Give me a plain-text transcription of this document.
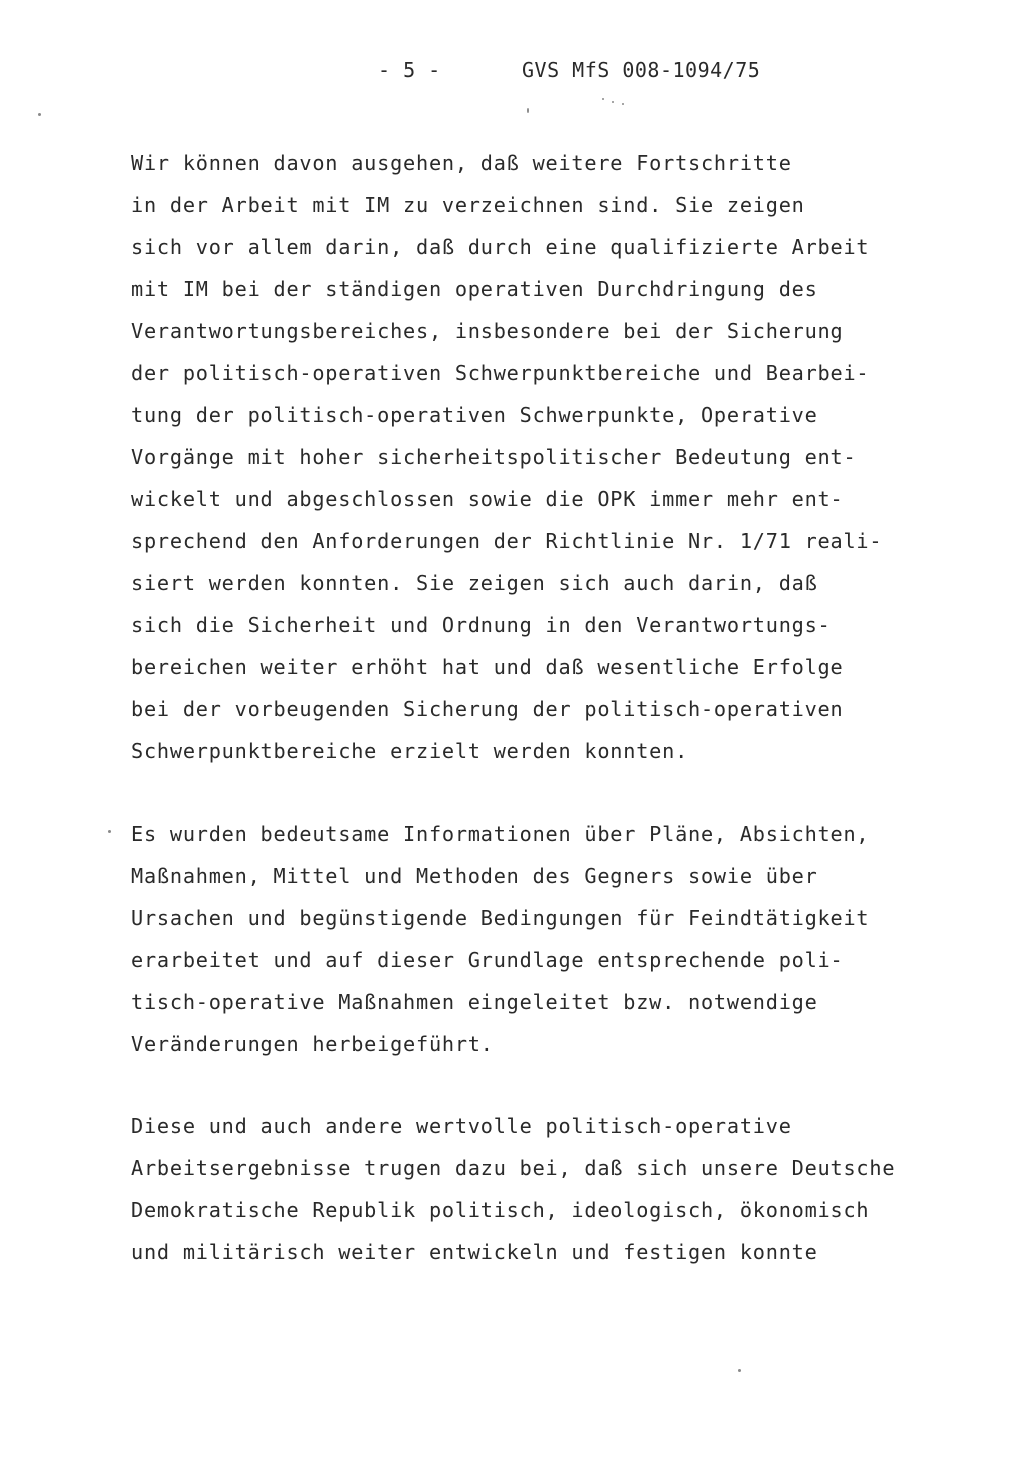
- 5 -	GVS MfS 008-1094/75
Wir können davon ausgehen, daß weitere Fortschritte
in der Arbeit mit IM zu verzeichnen sind. Sie zeigen
sich vor allem darin, daß durch eine qualifizierte Arbeit
mit IM bei der ständigen operativen Durchdringung des
Verantwortungsbereiches, insbesondere bei der Sicherung
der politisch-operativen Schwerpunktbereiche und Bearbei-
tung der politisch-operativen Schwerpunkte, Operative
Vorgänge mit hoher sicherheitspolitischer Bedeutung ent-
wickelt und abgeschlossen sowie die OPK immer mehr ent-
sprechend den Anforderungen der Richtlinie Nr. 1/71 reali-
siert werden konnten. Sie zeigen sich auch darin, daß
sich die Sicherheit und Ordnung in den Verantwortungs-
bereichen weiter erhöht hat und daß wesentliche Erfolge
bei der vorbeugenden Sicherung der politisch-operativen
Schwerpunktbereiche erzielt werden konnten.
Es wurden bedeutsame Informationen über Pläne, Absichten,
Maßnahmen, Mittel und Methoden des Gegners sowie über
Ursachen und begünstigende Bedingungen für Feindtätigkeit
erarbeitet und auf dieser Grundlage entsprechende poli-
tisch-operative Maßnahmen eingeleitet bzw. notwendige
Veränderungen herbeigeführt.
Diese und auch andere wertvolle politisch-operative
Arbeitsergebnisse trugen dazu bei, daß sich unsere Deutsche
Demokratische Republik politisch, ideologisch, ökonomisch
und militärisch weiter entwickeln und festigen konnte
